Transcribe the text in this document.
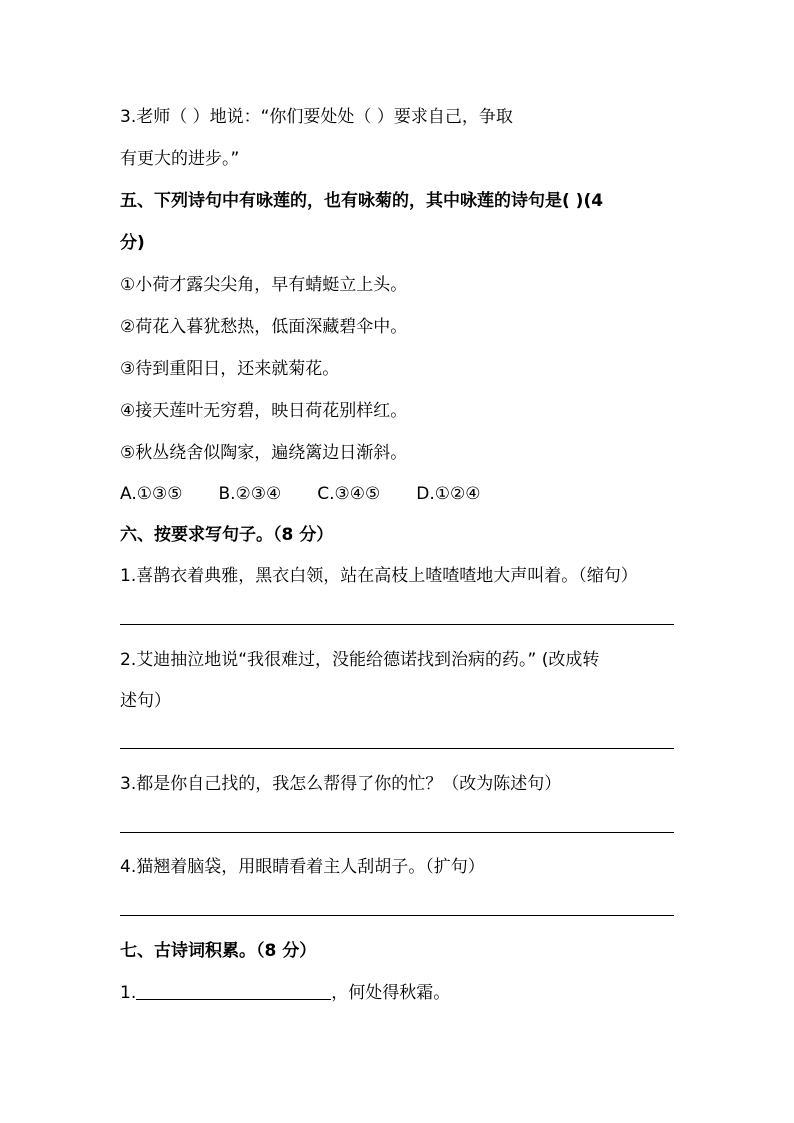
3.老师（ ）地说：“你们要处处（ ）要求自己，争取
有更大的进步。”
五、下列诗句中有咏莲的，也有咏菊的，其中咏莲的诗句是( )(4
分)
①小荷才露尖尖角，早有蜻蜓立上头。
②荷花入暮犹愁热，低面深藏碧伞中。
③待到重阳日，还来就菊花。
④接天莲叶无穷碧，映日荷花别样红。
⑤秋丛绕舍似陶家，遍绕篱边日渐斜。
A.①③⑤ B.②③④ C.③④⑤ D.①②④
六、按要求写句子。（8 分）
1.喜鹊衣着典雅，黑衣白领，站在高枝上喳喳喳地大声叫着。（缩句）
2.艾迪抽泣地说“我很难过，没能给德诺找到治病的药。” (改成转
述句）
3.都是你自己找的，我怎么帮得了你的忙？（改为陈述句）
4.猫翘着脑袋，用眼睛看着主人刮胡子。（扩句）
七、古诗词积累。（8 分）
1.	，何处得秋霜。
